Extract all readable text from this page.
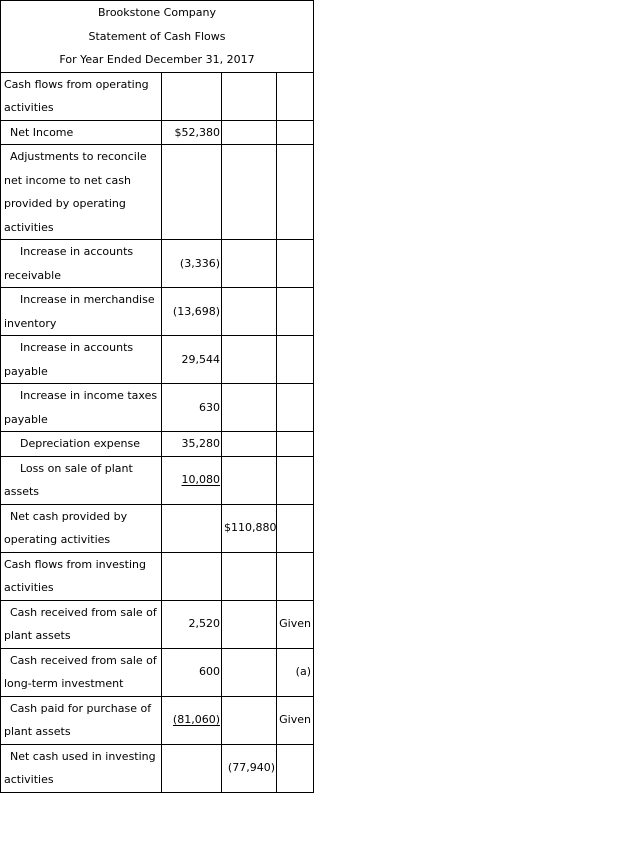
Brookstone Company			
Statement of Cash Flows			
For Year Ended December 31, 2017			
Cash flows from operating
activities			
Net Income	$52,380		
Adjustments to reconcile
net income to net cash
provided by operating
activities			
Increase in accounts
receivable	(3,336)		
Increase in merchandise
inventory	(13,698)		
Increase in accounts
payable	29,544		
Increase in income taxes
payable	630		
Depreciation expense	35,280		
Loss on sale of plant
assets	10,080		
Net cash provided by
operating activities		$110,880	
Cash flows from investing
activities			
Cash received from sale of
plant assets	2,520		Given
Cash received from sale of
long-term investment	600		(a)
Cash paid for purchase of
plant assets	(81,060)		Given
Net cash used in investing
activities		(77,940)	
